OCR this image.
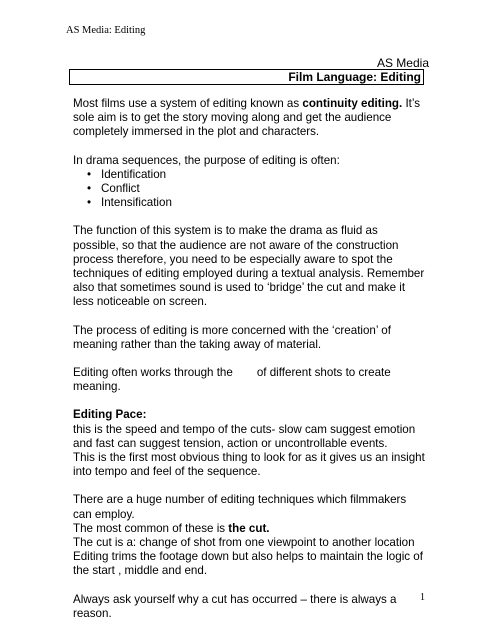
AS Media: Editing
AS Media
Film Language: Editing

Most films use a system of editing known as continuity editing. It’s sole aim is to get the story moving along and get the audience completely immersed in the plot and characters.

In drama sequences, the purpose of editing is often:

• Identification
• Conflict
• Intensification

The function of this system is to make the drama as fluid as possible, so that the audience are not aware of the construction process therefore, you need to be especially aware to spot the techniques of editing employed during a textual analysis. Remember also that sometimes sound is used to ‘bridge’ the cut and make it less noticeable on screen.

The process of editing is more concerned with the ‘creation’ of meaning rather than the taking away of material.

Editing often works through the of different shots to create meaning.

Editing Pace:
this is the speed and tempo of the cuts- slow cam suggest emotion and fast can suggest tension, action or uncontrollable events.
This is the first most obvious thing to look for as it gives us an insight into tempo and feel of the sequence.

There are a huge number of editing techniques which filmmakers can employ.
The most common of these is the cut.
The cut is a: change of shot from one viewpoint to another location
Editing trims the footage down but also helps to maintain the logic of the start , middle and end.

Always ask yourself why a cut has occurred – there is always a reason.

1
